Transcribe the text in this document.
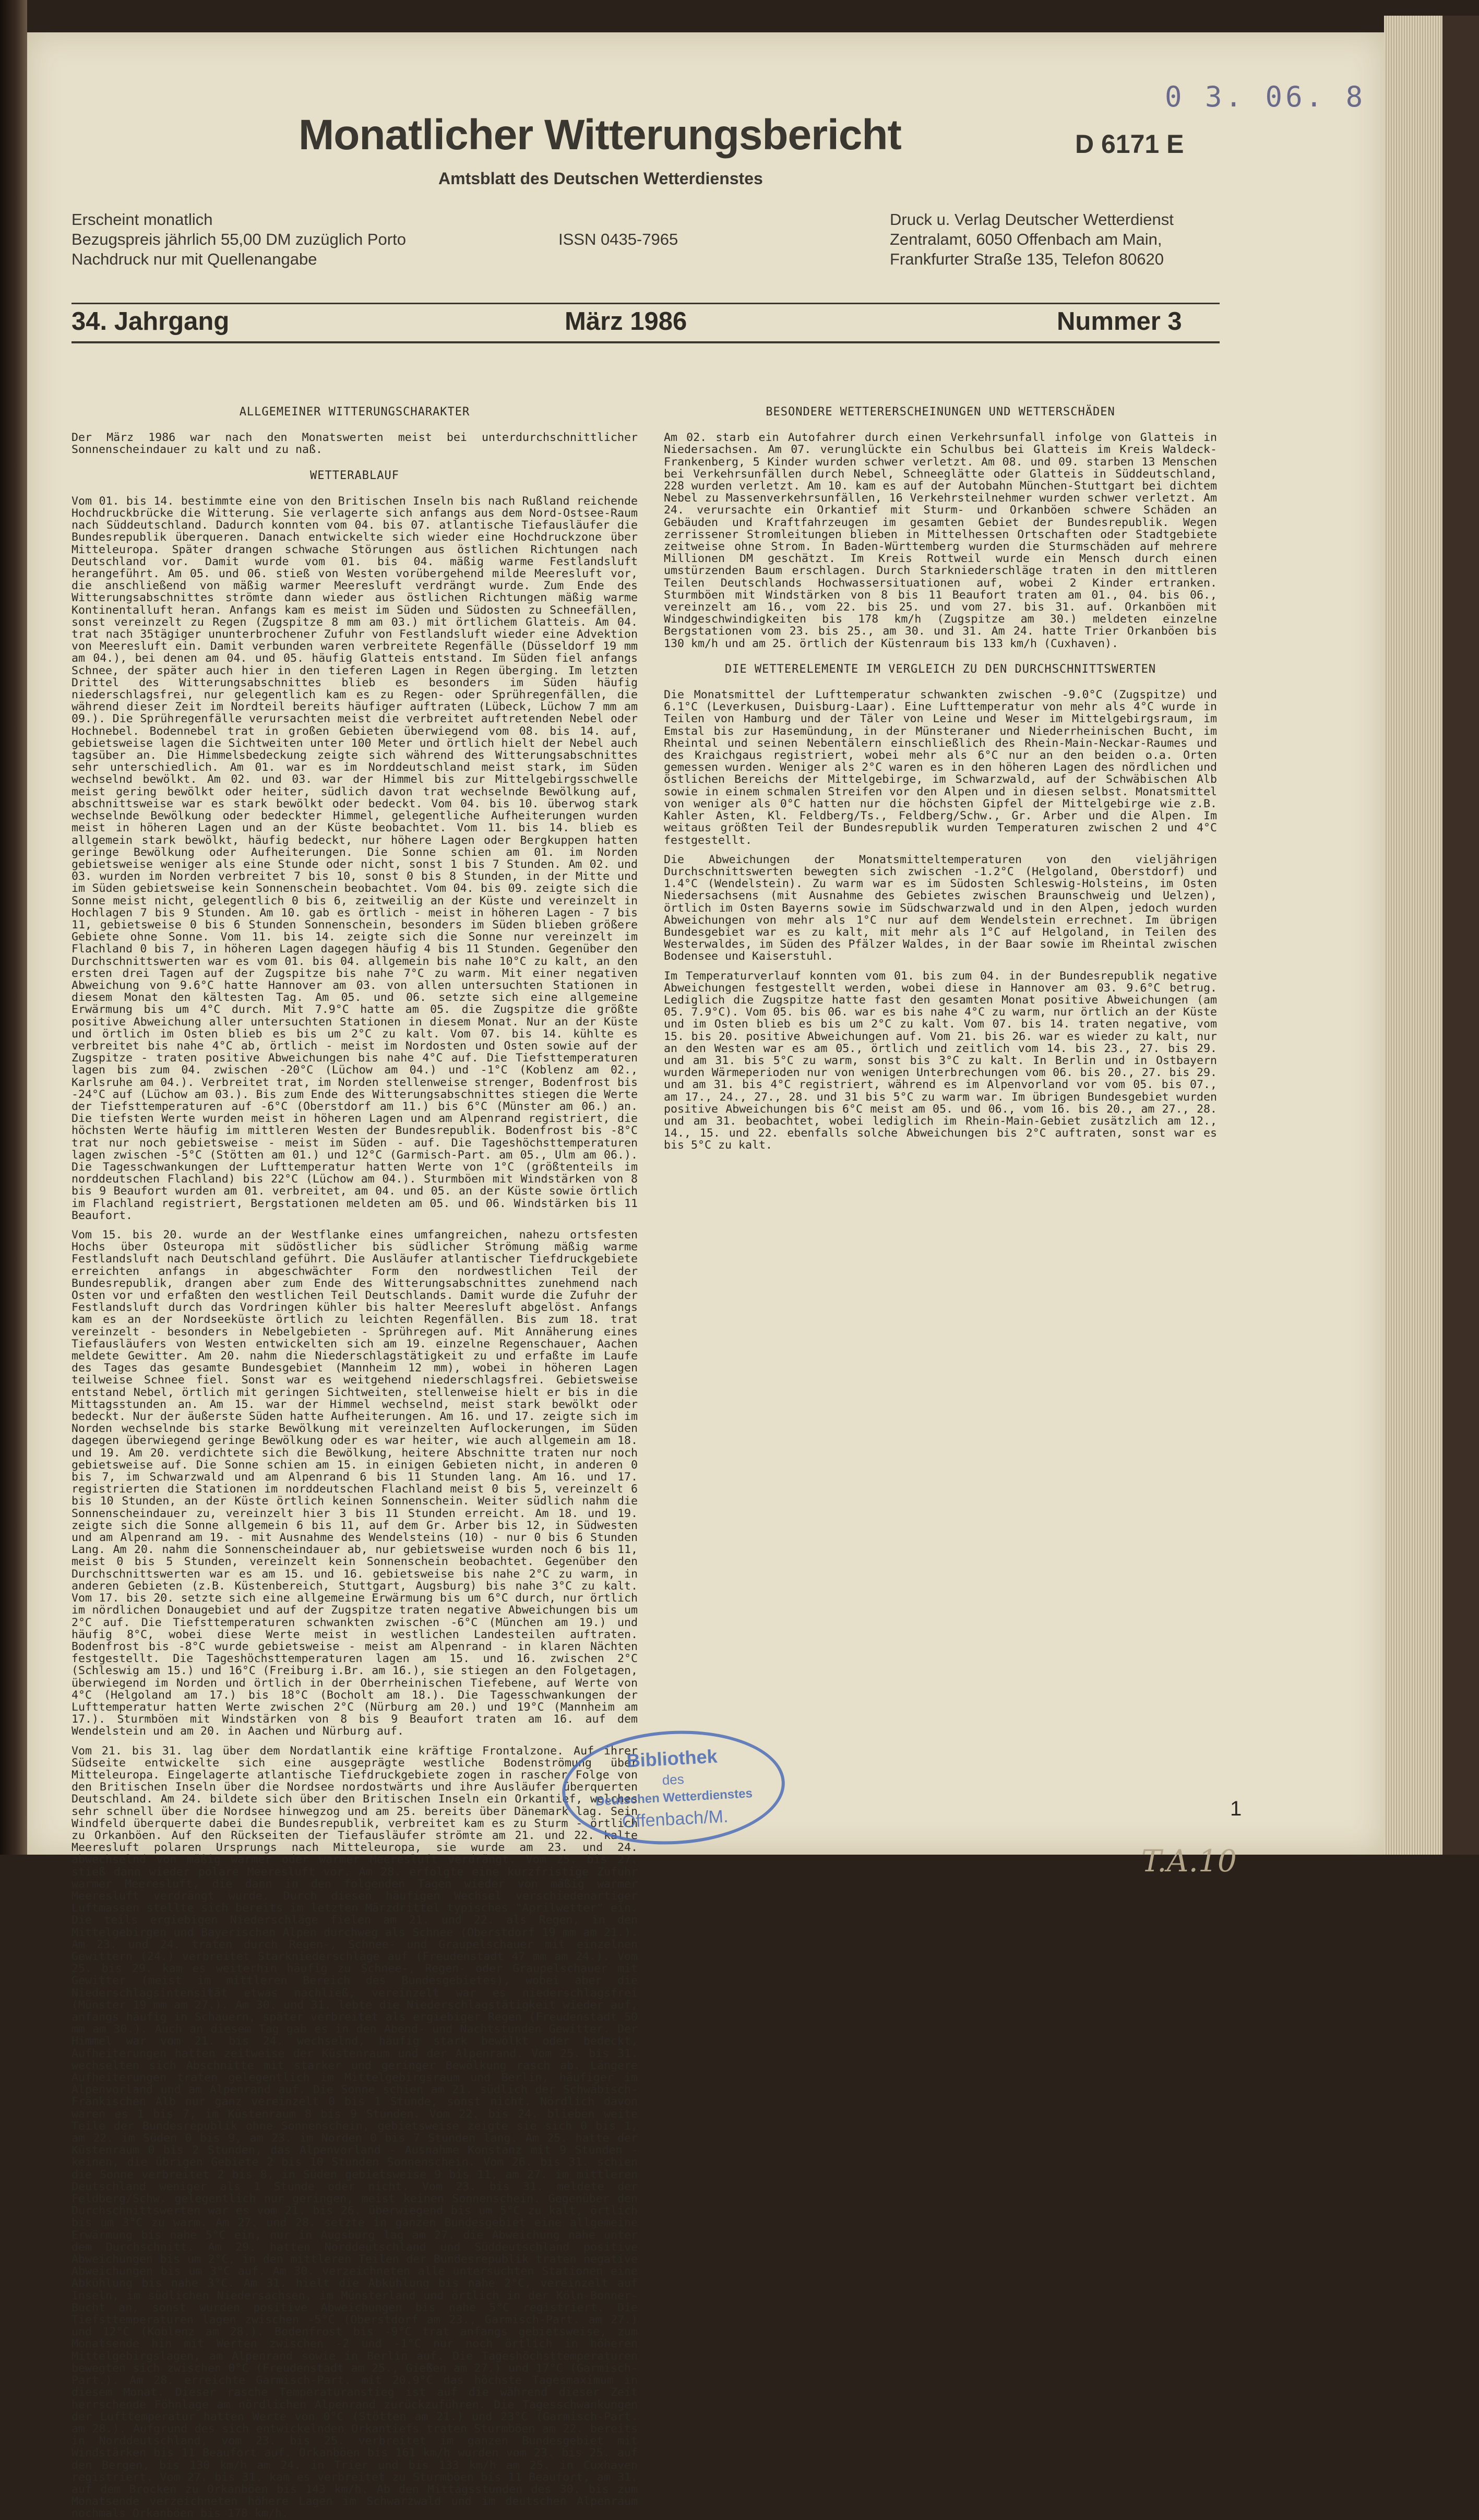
0 3. 06. 8
Monatlicher Witterungsbericht	D 6171 E
Amtsblatt des Deutschen Wetterdienstes
Erscheint monatlich
Bezugspreis jährlich 55,00 DM zuzüglich Porto
Nachdruck nur mit Quellenangabe
ISSN 0435-7965
Druck u. Verlag Deutscher Wetterdienst
Zentralamt, 6050 Offenbach am Main,
Frankfurter Straße 135, Telefon 80620
34. Jahrgang	März 1986	Nummer 3
ALLGEMEINER WITTERUNGSCHARAKTER

Der März 1986 war nach den Monatswerten meist bei unterdurchschnittlicher Sonnenscheindauer zu kalt und zu naß.

WETTERABLAUF

Vom 01. bis 14. bestimmte eine von den Britischen Inseln bis nach Rußland reichende Hochdruckbrücke die Witterung. Sie verlagerte sich anfangs aus dem Nord-Ostsee-Raum nach Süddeutschland. Dadurch konnten vom 04. bis 07. atlantische Tiefausläufer die Bundesrepublik überqueren. Danach entwickelte sich wieder eine Hochdruckzone über Mitteleuropa. Später drangen schwache Störungen aus östlichen Richtungen nach Deutschland vor. Damit wurde vom 01. bis 04. mäßig warme Festlandsluft herangeführt. Am 05. und 06. stieß von Westen vorübergehend milde Meeresluft vor, die anschließend von mäßig warmer Meeresluft verdrängt wurde. Zum Ende des Witterungsabschnittes strömte dann wieder aus östlichen Richtungen mäßig warme Kontinentalluft heran. Anfangs kam es meist im Süden und Südosten zu Schneefällen, sonst vereinzelt zu Regen (Zugspitze 8 mm am 03.) mit örtlichem Glatteis. Am 04. trat nach 35tägiger ununterbrochener Zufuhr von Festlandsluft wieder eine Advektion von Meeresluft ein. Damit verbunden waren verbreitete Regenfälle (Düsseldorf 19 mm am 04.), bei denen am 04. und 05. häufig Glatteis entstand. Im Süden fiel anfangs Schnee, der später auch hier in den tieferen Lagen in Regen überging. Im letzten Drittel des Witterungsabschnittes blieb es besonders im Süden häufig niederschlagsfrei, nur gelegentlich kam es zu Regen- oder Sprühregenfällen, die während dieser Zeit im Nordteil bereits häufiger auftraten (Lübeck, Lüchow 7 mm am 09.). Die Sprühregenfälle verursachten meist die verbreitet auftretenden Nebel oder Hochnebel. Bodennebel trat in großen Gebieten überwiegend vom 08. bis 14. auf, gebietsweise lagen die Sichtweiten unter 100 Meter und örtlich hielt der Nebel auch tagsüber an. Die Himmelsbedeckung zeigte sich während des Witterungsabschnittes sehr unterschiedlich. Am 01. war es im Norddeutschland meist stark, im Süden wechselnd bewölkt. Am 02. und 03. war der Himmel bis zur Mittelgebirgsschwelle meist gering bewölkt oder heiter, südlich davon trat wechselnde Bewölkung auf, abschnittsweise war es stark bewölkt oder bedeckt. Vom 04. bis 10. überwog stark wechselnde Bewölkung oder bedeckter Himmel, gelegentliche Aufheiterungen wurden meist in höheren Lagen und an der Küste beobachtet. Vom 11. bis 14. blieb es allgemein stark bewölkt, häufig bedeckt, nur höhere Lagen oder Bergkuppen hatten geringe Bewölkung oder Aufheiterungen. Die Sonne schien am 01. im Norden gebietsweise weniger als eine Stunde oder nicht, sonst 1 bis 7 Stunden. Am 02. und 03. wurden im Norden verbreitet 7 bis 10, sonst 0 bis 8 Stunden, in der Mitte und im Süden gebietsweise kein Sonnenschein beobachtet. Vom 04. bis 09. zeigte sich die Sonne meist nicht, gelegentlich 0 bis 6, zeitweilig an der Küste und vereinzelt in Hochlagen 7 bis 9 Stunden. Am 10. gab es örtlich - meist in höheren Lagen - 7 bis 11, gebietsweise 0 bis 6 Stunden Sonnenschein, besonders im Süden blieben größere Gebiete ohne Sonne. Vom 11. bis 14. zeigte sich die Sonne nur vereinzelt im Flachland 0 bis 7, in höheren Lagen dagegen häufig 4 bis 11 Stunden. Gegenüber den Durchschnittswerten war es vom 01. bis 04. allgemein bis nahe 10°C zu kalt, an den ersten drei Tagen auf der Zugspitze bis nahe 7°C zu warm. Mit einer negativen Abweichung von 9.6°C hatte Hannover am 03. von allen untersuchten Stationen in diesem Monat den kältesten Tag. Am 05. und 06. setzte sich eine allgemeine Erwärmung bis um 4°C durch. Mit 7.9°C hatte am 05. die Zugspitze die größte positive Abweichung aller untersuchten Stationen in diesem Monat. Nur an der Küste und örtlich im Osten blieb es bis um 2°C zu kalt. Vom 07. bis 14. kühlte es verbreitet bis nahe 4°C ab, örtlich - meist im Nordosten und Osten sowie auf der Zugspitze - traten positive Abweichungen bis nahe 4°C auf. Die Tiefsttemperaturen lagen bis zum 04. zwischen -20°C (Lüchow am 04.) und -1°C (Koblenz am 02., Karlsruhe am 04.). Verbreitet trat, im Norden stellenweise strenger, Bodenfrost bis -24°C auf (Lüchow am 03.). Bis zum Ende des Witterungsabschnittes stiegen die Werte der Tiefsttemperaturen auf -6°C (Oberstdorf am 11.) bis 6°C (Münster am 06.) an. Die tiefsten Werte wurden meist in höheren Lagen und am Alpenrand registriert, die höchsten Werte häufig im mittleren Westen der Bundesrepublik. Bodenfrost bis -8°C trat nur noch gebietsweise - meist im Süden - auf. Die Tageshöchsttemperaturen lagen zwischen -5°C (Stötten am 01.) und 12°C (Garmisch-Part. am 05., Ulm am 06.). Die Tagesschwankungen der Lufttemperatur hatten Werte von 1°C (größtenteils im norddeutschen Flachland) bis 22°C (Lüchow am 04.). Sturmböen mit Windstärken von 8 bis 9 Beaufort wurden am 01. verbreitet, am 04. und 05. an der Küste sowie örtlich im Flachland registriert, Bergstationen meldeten am 05. und 06. Windstärken bis 11 Beaufort.

Vom 15. bis 20. wurde an der Westflanke eines umfangreichen, nahezu ortsfesten Hochs über Osteuropa mit südöstlicher bis südlicher Strömung mäßig warme Festlandsluft nach Deutschland geführt. Die Ausläufer atlantischer Tiefdruckgebiete erreichten anfangs in abgeschwächter Form den nordwestlichen Teil der Bundesrepublik, drangen aber zum Ende des Witterungsabschnittes zunehmend nach Osten vor und erfaßten den westlichen Teil Deutschlands. Damit wurde die Zufuhr der Festlandsluft durch das Vordringen kühler bis halter Meeresluft abgelöst. Anfangs kam es an der Nordseeküste örtlich zu leichten Regenfällen. Bis zum 18. trat vereinzelt - besonders in Nebelgebieten - Sprühregen auf. Mit Annäherung eines Tiefausläufers von Westen entwickelten sich am 19. einzelne Regenschauer, Aachen meldete Gewitter. Am 20. nahm die Niederschlagstätigkeit zu und erfaßte im Laufe des Tages das gesamte Bundesgebiet (Mannheim 12 mm), wobei in höheren Lagen teilweise Schnee fiel. Sonst war es weitgehend niederschlagsfrei. Gebietsweise entstand Nebel, örtlich mit geringen Sichtweiten, stellenweise hielt er bis in die Mittagsstunden an. Am 15. war der Himmel wechselnd, meist stark bewölkt oder bedeckt. Nur der äußerste Süden hatte Aufheiterungen. Am 16. und 17. zeigte sich im Norden wechselnde bis starke Bewölkung mit vereinzelten Auflockerungen, im Süden dagegen überwiegend geringe Bewölkung oder es war heiter, wie auch allgemein am 18. und 19. Am 20. verdichtete sich die Bewölkung, heitere Abschnitte traten nur noch gebietsweise auf. Die Sonne schien am 15. in einigen Gebieten nicht, in anderen 0 bis 7, im Schwarzwald und am Alpenrand 6 bis 11 Stunden lang. Am 16. und 17. registrierten die Stationen im norddeutschen Flachland meist 0 bis 5, vereinzelt 6 bis 10 Stunden, an der Küste örtlich keinen Sonnenschein. Weiter südlich nahm die Sonnenscheindauer zu, vereinzelt hier 3 bis 11 Stunden erreicht. Am 18. und 19. zeigte sich die Sonne allgemein 6 bis 11, auf dem Gr. Arber bis 12, in Südwesten und am Alpenrand am 19. - mit Ausnahme des Wendelsteins (10) - nur 0 bis 6 Stunden Lang. Am 20. nahm die Sonnenscheindauer ab, nur gebietsweise wurden noch 6 bis 11, meist 0 bis 5 Stunden, vereinzelt kein Sonnenschein beobachtet. Gegenüber den Durchschnittswerten war es am 15. und 16. gebietsweise bis nahe 2°C zu warm, in anderen Gebieten (z.B. Küstenbereich, Stuttgart, Augsburg) bis nahe 3°C zu kalt. Vom 17. bis 20. setzte sich eine allgemeine Erwärmung bis um 6°C durch, nur örtlich im nördlichen Donaugebiet und auf der Zugspitze traten negative Abweichungen bis um 2°C auf. Die Tiefsttemperaturen schwankten zwischen -6°C (München am 19.) und häufig 8°C, wobei diese Werte meist in westlichen Landesteilen auftraten. Bodenfrost bis -8°C wurde gebietsweise - meist am Alpenrand - in klaren Nächten festgestellt. Die Tageshöchsttemperaturen lagen am 15. und 16. zwischen 2°C (Schleswig am 15.) und 16°C (Freiburg i.Br. am 16.), sie stiegen an den Folgetagen, überwiegend im Norden und örtlich in der Oberrheinischen Tiefebene, auf Werte von 4°C (Helgoland am 17.) bis 18°C (Bocholt am 18.). Die Tagesschwankungen der Lufttemperatur hatten Werte zwischen 2°C (Nürburg am 20.) und 19°C (Mannheim am 17.). Sturmböen mit Windstärken von 8 bis 9 Beaufort traten am 16. auf dem Wendelstein und am 20. in Aachen und Nürburg auf.

Vom 21. bis 31. lag über dem Nordatlantik eine kräftige Frontalzone. Auf ihrer Südseite entwickelte sich eine ausgeprägte westliche Bodenströmung über Mitteleuropa. Eingelagerte atlantische Tiefdruckgebiete zogen in rascher Folge von den Britischen Inseln über die Nordsee nordostwärts und ihre Ausläufer überquerten Deutschland. Am 24. bildete sich über den Britischen Inseln ein Orkantief, welches sehr schnell über die Nordsee hinwegzog und am 25. bereits über Dänemark lag. Sein Windfeld überquerte dabei die Bundesrepublik, verbreitet kam es zu Sturm - örtlich zu Orkanböen. Auf den Rückseiten der Tiefausläufer strömte am 21. und 22. kalte Meeresluft polaren Ursprungs nach Mitteleuropa, sie wurde am 23. und 24. abwechselnd von mäßig warmer oder warmer Meeresluft verdrängt. Vom 25. bis 27. stieß dann wieder polare Meeresluft vor. Am 28. erfolgte eine kurzfristige Zufuhr warmer Meeresluft, die dann in den folgenden Tagen wieder von mäßig warmer Meeresluft verdrängt wurde. Durch diesen häufigen Wechsel verschiedenartiger Luftmassen stellte sich bereits im letzten Märzdrittel typisches "Aprilwetter" ein. Die teils ergiebigen Niederschläge fielen am 21. und 22. als Regen, in den Mittelgebirgen und Bayerischen Alpen durchweg als Schnee (Oberstdorf 19 mm am 21.). Am 23. und 24. traten durch Regen-, Schnee- und Graupelschauer mit einzelnen Gewittern (24.) verbreitet Starkniederschläge auf (Freudenstadt 47 mm am 24.). Vom 25. bis 29. kam es weiterhin häufig zu Schnee-, Regen- oder Graupelschauer mit Gewitter (meist im mittleren Bereich des Bundesgebietes), wobei aber die Niederschlagsintensität etwas nachließ, vereinzelt war es niederschlagsfrei (Münster 19 mm am 27.). Am 30. und 31. lebte die Niederschlagstätigkeit wieder auf, anfangs häufig in Schauern, später verbreitet als ergiebiger Regen (Freudenstadt 50 mm am 30.). Auch an diesem Tag gab es in den Abend- und Nachtstunden Gewitter. Der Himmel war vom 21. bis 24. wechselnd, häufig stark bewölkt oder bedeckt, Aufheiterungen hatten zeitweise der Küstenraum und der Alpenrand. Vom 25. bis 31. wechselten sich Abschnitte mit starker und geringer Bewölkung rasch ab. Längere Aufheiterungen traten gelegentlich im Mittelgebirgsraum und Berlin, häufiger im Alpenvorland und am Alpenrand auf. Die Sonne schien am 21. südlich der Schwäbisch-Fränkischen Alb nur ganz vereinzelt 0 bis 1 Stunde, sonst nicht. Nördlich davon waren es 1 bis 7, im Küstenraum 8 bis 9 Stunden. Vom 22. bis 24. blieben weite Teile der Bundesrepublik ohne Sonnenschein, gebietsweise zeigte sie sich 0 bis 1, am 22. im Süden 0 bis 9, am 23. im Norden 0 bis 7 Stunden lang. Am 25. hatte der Küstenraum 0 bis 2 Stunden, das Alpenvorland - Ausnahme Konstanz mit 9 Stunden - keinen, die übrigen Gebiete 2 bis 10 Stunden Sonnenschein. Vom 26. bis 31. schien die Sonne verbreitet 2 bis 8, in Süden gebietsweise 9 bis 11, am 27. im mittleren Deutschland weniger als 1 Stunde oder nicht. Vom 23. bis 31. meldete der Feldberg/Schw. gelegentlich nur geringen, meist keinen Sonnenschein. Gegenüber den Durchschnittswerten war es vom 21. bis 26. überwiegend bis um 5°C zu kalt, örtlich bis um 3°C zu warm. Am 27. und 28. setzte in ganzen Bundesgebiet eine allgemeine Erwärmung bis nahe 5°C ein, nur in Augsburg lag am 27. die Abweichung nahe unter dem Durchschnitt. Am 29. hatten Norddeutschland und Süddeutschland positive Abweichungen bis um 2°C, in den mittleren Teilen der Bundesrepublik traten negative Abweichungen bis um 3°C auf. Am 30. verzeichneten alle untersuchten Stationen eine Abkühlung bis nahe 3°C. Am 31. hielt die Abkühlung bis nahe 2°C, vereinzelt auf Inseln, im südlichen Niedersachsen, im Münsterland und örtlich in der Köln-Bonner-Bucht an, sonst wurden positive Abweichungen bis nahe 5°C registriert. Die Tiefsttemperaturen lagen zwischen -5°C (Oberstdorf am 23., Garmisch-Part. am 27.) und 12°C (Koblenz am 28.). Bodenfrost bis -9°C trat anfangs gebietsweise, zum Monatsende hin mit Werten zwischen -2 und -1°C nur noch örtlich in höheren Mittelgebirgslagen, am Alpenrand sowie in Berlin auf. Die Tageshöchsttemperaturen bewegten sich zwischen 0°C (Freudenstadt am 25., Gießen am 27.) und 17°C (Garmisch-Part.). Am 28. erreichte Garmisch-Part. mit 20.9°C das höchste Tagesmaximum in diesem Monat. Dieser rasche Temperaturanstieg ist auf die während dieser Zeit herrschende Föhnlage am nördlichen Alpenrand zurückzuführen. Die Tagesschwankungen der Lufttemperatur hatten Werte von 0°C (Stötten am 21.) und 23°C (Garmisch-Part. am 28.). Aufgrund des sich entwickelnden Orkantiefs traten Sturmböen am 22. bereits in Norddeutschland, vom 23. bis 25. verbreitet im ganzen Bundesgebiet mit Windstärken bis 11 Beaufort auf. Orkanböen bis 161 km/h wurden vom 23. bis 25. auf den Bergen, bis 130 km/h am 24. in Trier und bis 133 km/h am 25. in Cuxhaven registriert. Vom 27. bis 31. kam es verbreitet zu Sturmböen bis 11 Beaufort, am 31. auf dem Brocken zu Orkanböen bis 143 km/h. Ab den Mittagsstunden des 30. bis zum Monatsende verzeichneten höhere Lagen im Schwarzwald und im deutschen Alpenraum nochmals Orkanböen bis 178 km/h.

BESONDERE WETTERERSCHEINUNGEN UND WETTERSCHÄDEN

Am 02. starb ein Autofahrer durch einen Verkehrsunfall infolge von Glatteis in Niedersachsen. Am 07. verunglückte ein Schulbus bei Glatteis im Kreis Waldeck-Frankenberg, 5 Kinder wurden schwer verletzt. Am 08. und 09. starben 13 Menschen bei Verkehrsunfällen durch Nebel, Schneeglätte oder Glatteis in Süddeutschland, 228 wurden verletzt. Am 10. kam es auf der Autobahn München-Stuttgart bei dichtem Nebel zu Massenverkehrsunfällen, 16 Verkehrsteilnehmer wurden schwer verletzt. Am 24. verursachte ein Orkantief mit Sturm- und Orkanböen schwere Schäden an Gebäuden und Kraftfahrzeugen im gesamten Gebiet der Bundesrepublik. Wegen zerrissener Stromleitungen blieben in Mittelhessen Ortschaften oder Stadtgebiete zeitweise ohne Strom. In Baden-Württemberg wurden die Sturmschäden auf mehrere Millionen DM geschätzt. Im Kreis Rottweil wurde ein Mensch durch einen umstürzenden Baum erschlagen. Durch Starkniederschläge traten in den mittleren Teilen Deutschlands Hochwassersituationen auf, wobei 2 Kinder ertranken. Sturmböen mit Windstärken von 8 bis 11 Beaufort traten am 01., 04. bis 06., vereinzelt am 16., vom 22. bis 25. und vom 27. bis 31. auf. Orkanböen mit Windgeschwindigkeiten bis 178 km/h (Zugspitze am 30.) meldeten einzelne Bergstationen vom 23. bis 25., am 30. und 31. Am 24. hatte Trier Orkanböen bis 130 km/h und am 25. örtlich der Küstenraum bis 133 km/h (Cuxhaven).

DIE WETTERELEMENTE IM VERGLEICH ZU DEN DURCHSCHNITTSWERTEN

Die Monatsmittel der Lufttemperatur schwankten zwischen -9.0°C (Zugspitze) und 6.1°C (Leverkusen, Duisburg-Laar). Eine Lufttemperatur von mehr als 4°C wurde in Teilen von Hamburg und der Täler von Leine und Weser im Mittelgebirgsraum, im Emstal bis zur Hasemündung, in der Münsteraner und Niederrheinischen Bucht, im Rheintal und seinen Nebentälern einschließlich des Rhein-Main-Neckar-Raumes und des Kraichgaus registriert, wobei mehr als 6°C nur an den beiden o.a. Orten gemessen wurden. Weniger als 2°C waren es in den höheren Lagen des nördlichen und östlichen Bereichs der Mittelgebirge, im Schwarzwald, auf der Schwäbischen Alb sowie in einem schmalen Streifen vor den Alpen und in diesen selbst. Monatsmittel von weniger als 0°C hatten nur die höchsten Gipfel der Mittelgebirge wie z.B. Kahler Asten, Kl. Feldberg/Ts., Feldberg/Schw., Gr. Arber und die Alpen. Im weitaus größten Teil der Bundesrepublik wurden Temperaturen zwischen 2 und 4°C festgestellt.

Die Abweichungen der Monatsmitteltemperaturen von den vieljährigen Durchschnittswerten bewegten sich zwischen -1.2°C (Helgoland, Oberstdorf) und 1.4°C (Wendelstein). Zu warm war es im Südosten Schleswig-Holsteins, im Osten Niedersachsens (mit Ausnahme des Gebietes zwischen Braunschweig und Uelzen), örtlich im Osten Bayerns sowie im Südschwarzwald und in den Alpen, jedoch wurden Abweichungen von mehr als 1°C nur auf dem Wendelstein errechnet. Im übrigen Bundesgebiet war es zu kalt, mit mehr als 1°C auf Helgoland, in Teilen des Westerwaldes, im Süden des Pfälzer Waldes, in der Baar sowie im Rheintal zwischen Bodensee und Kaiserstuhl.

Im Temperaturverlauf konnten vom 01. bis zum 04. in der Bundesrepublik negative Abweichungen festgestellt werden, wobei diese in Hannover am 03. 9.6°C betrug. Lediglich die Zugspitze hatte fast den gesamten Monat positive Abweichungen (am 05. 7.9°C). Vom 05. bis 06. war es bis nahe 4°C zu warm, nur örtlich an der Küste und im Osten blieb es bis um 2°C zu kalt. Vom 07. bis 14. traten negative, vom 15. bis 20. positive Abweichungen auf. Vom 21. bis 26. war es wieder zu kalt, nur an den Westen war es am 05., örtlich und zeitlich vom 14. bis 23., 27. bis 29. und am 31. bis 5°C zu warm, sonst bis 3°C zu kalt. In Berlin und in Ostbayern wurden Wärmeperioden nur von wenigen Unterbrechungen vom 06. bis 20., 27. bis 29. und am 31. bis 4°C registriert, während es im Alpenvorland vor vom 05. bis 07., am 17., 24., 27., 28. und 31 bis 5°C zu warm war. Im übrigen Bundesgebiet wurden positive Abweichungen bis 6°C meist am 05. und 06., vom 16. bis 20., am 27., 28. und am 31. beobachtet, wobei lediglich im Rhein-Main-Gebiet zusätzlich am 12., 14., 15. und 22. ebenfalls solche Abweichungen bis 2°C auftraten, sonst war es bis 5°C zu kalt.

Bibliothek
des
Deutschen Wetterdienstes
Offenbach/M.	1
T.A.10
